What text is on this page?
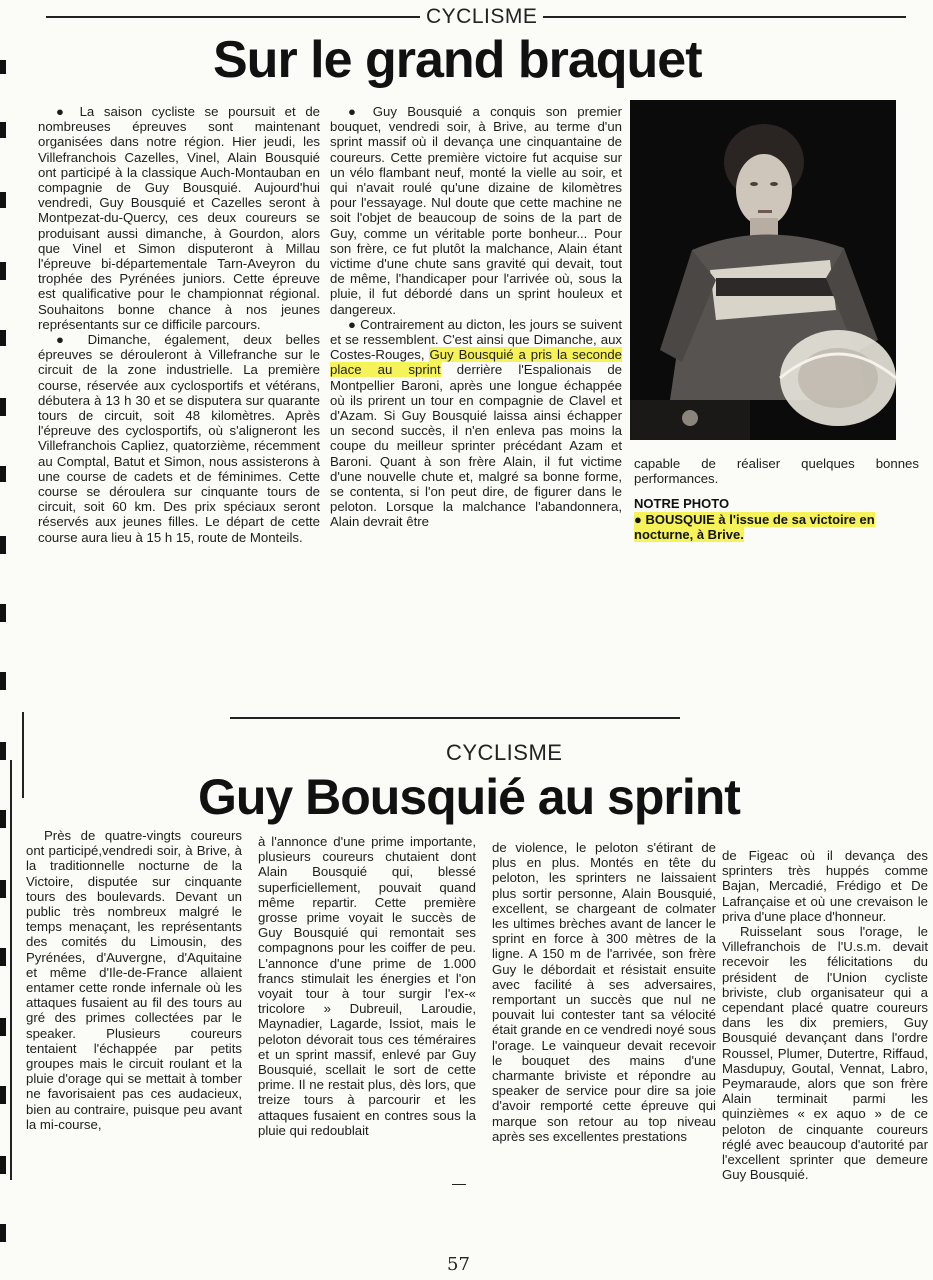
CYCLISME
Sur le grand braquet

● La saison cycliste se poursuit et de nombreuses épreuves sont maintenant organisées dans notre région. Hier jeudi, les Villefranchois Cazelles, Vinel, Alain Bousquié ont participé à la classique Auch-Montauban en compagnie de Guy Bousquié. Aujourd'hui vendredi, Guy Bousquié et Cazelles seront à Montpezat-du-Quercy, ces deux coureurs se produisant aussi dimanche, à Gourdon, alors que Vinel et Simon disputeront à Millau l'épreuve bi-départementale Tarn-Aveyron du trophée des Pyrénées juniors. Cette épreuve est qualificative pour le championnat régional. Souhaitons bonne chance à nos jeunes représentants sur ce difficile parcours.

● Dimanche, également, deux belles épreuves se dérouleront à Villefranche sur le circuit de la zone industrielle. La première course, réservée aux cyclosportifs et vétérans, débutera à 13 h 30 et se disputera sur quarante tours de circuit, soit 48 kilomètres. Après l'épreuve des cyclosportifs, où s'aligneront les Villefranchois Capliez, quatorzième, récemment au Comptal, Batut et Simon, nous assisterons à une course de cadets et de féminimes. Cette course se déroulera sur cinquante tours de circuit, soit 60 km. Des prix spéciaux seront réservés aux jeunes filles. Le départ de cette course aura lieu à 15 h 15, route de Monteils.

● Guy Bousquié a conquis son premier bouquet, vendredi soir, à Brive, au terme d'un sprint massif où il devança une cinquantaine de coureurs. Cette première victoire fut acquise sur un vélo flambant neuf, monté la vielle au soir, et qui n'avait roulé qu'une dizaine de kilomètres pour l'essayage. Nul doute que cette machine ne soit l'objet de beaucoup de soins de la part de Guy, comme un véritable porte bonheur... Pour son frère, ce fut plutôt la malchance, Alain étant victime d'une chute sans gravité qui devait, tout de même, l'handicaper pour l'arrivée où, sous la pluie, il fut débordé dans un sprint houleux et dangereux.

● Contrairement au dicton, les jours se suivent et se ressemblent. C'est ainsi que Dimanche, aux Costes-Rouges, Guy Bousquié a pris la seconde place au sprint derrière l'Espalionais de Montpellier Baroni, après une longue échappée où ils prirent un tour en compagnie de Clavel et d'Azam. Si Guy Bousquié laissa ainsi échapper un second succès, il n'en enleva pas moins la coupe du meilleur sprinter précédant Azam et Baroni. Quant à son frère Alain, il fut victime d'une nouvelle chute et, malgré sa bonne forme, se contenta, si l'on peut dire, de figurer dans le peloton. Lorsque la malchance l'abandonnera, Alain devrait être

capable de réaliser quelques bonnes performances.

NOTRE PHOTO
● BOUSQUIE à l'issue de sa victoire en nocturne, à Brive.
CYCLISME
Guy Bousquié au sprint

Près de quatre-vingts coureurs ont participé,vendredi soir, à Brive, à la traditionnelle nocturne de la Victoire, disputée sur cinquante tours des boulevards. Devant un public très nombreux malgré le temps menaçant, les représentants des comités du Limousin, des Pyrénées, d'Auvergne, d'Aquitaine et même d'Ile-de-France allaient entamer cette ronde infernale où les attaques fusaient au fil des tours au gré des primes collectées par le speaker. Plusieurs coureurs tentaient l'échappée par petits groupes mais le circuit roulant et la pluie d'orage qui se mettait à tomber ne favorisaient pas ces audacieux, bien au contraire, puisque peu avant la mi-course,

à l'annonce d'une prime importante, plusieurs coureurs chutaient dont Alain Bousquié qui, blessé superficiellement, pouvait quand même repartir. Cette première grosse prime voyait le succès de Guy Bousquié qui remontait ses compagnons pour les coiffer de peu. L'annonce d'une prime de 1.000 francs stimulait les énergies et l'on voyait tour à tour surgir l'ex-« tricolore » Dubreuil, Laroudie, Maynadier, Lagarde, Issiot, mais le peloton dévorait tous ces téméraires et un sprint massif, enlevé par Guy Bousquié, scellait le sort de cette prime. Il ne restait plus, dès lors, que treize tours à parcourir et les attaques fusaient en contres sous la pluie qui redoublait

de violence, le peloton s'étirant de plus en plus. Montés en tête du peloton, les sprinters ne laissaient plus sortir personne, Alain Bousquié, excellent, se chargeant de colmater les ultimes brèches avant de lancer le sprint en force à 300 mètres de la ligne. A 150 m de l'arrivée, son frère Guy le débordait et résistait ensuite avec facilité à ses adversaires, remportant un succès que nul ne pouvait lui contester tant sa vélocité était grande en ce vendredi noyé sous l'orage. Le vainqueur devait recevoir le bouquet des mains d'une charmante briviste et répondre au speaker de service pour dire sa joie d'avoir remporté cette épreuve qui marque son retour au top niveau après ses excellentes prestations

de Figeac où il devança des sprinters très huppés comme Bajan, Mercadié, Frédigo et De Lafrançaise et où une crevaison le priva d'une place d'honneur.

Ruisselant sous l'orage, le Villefranchois de l'U.s.m. devait recevoir les félicitations du président de l'Union cycliste briviste, club organisateur qui a cependant placé quatre coureurs dans les dix premiers, Guy Bousquié devançant dans l'ordre Roussel, Plumer, Dutertre, Riffaud, Masdupuy, Goutal, Vennat, Labro, Peymaraude, alors que son frère Alain terminait parmi les quinzièmes « ex aquo » de ce peloton de cinquante coureurs réglé avec beaucoup d'autorité par l'excellent sprinter que demeure Guy Bousquié.

57
